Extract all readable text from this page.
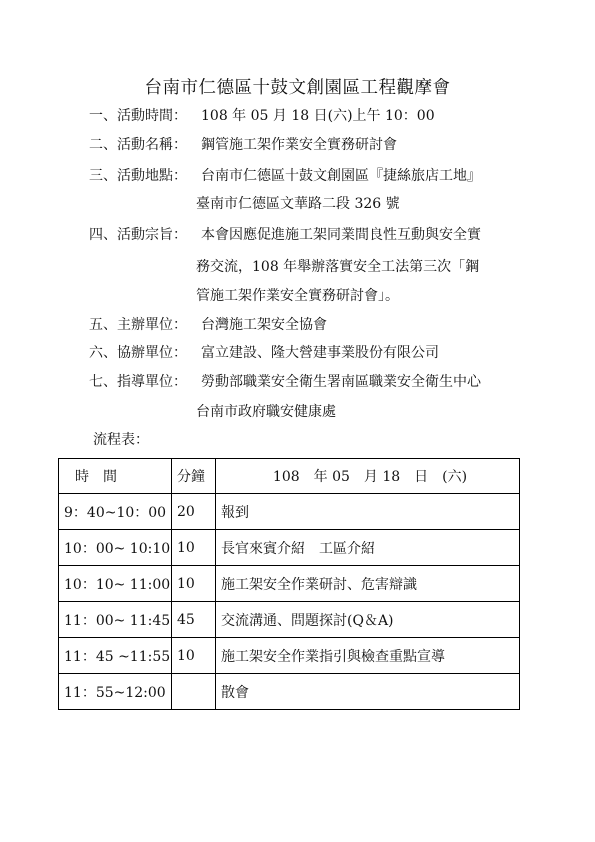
台南市仁德區十鼓文創園區工程觀摩會
一、活動時間： 108 年 05 月 18 日(六)上午 10：00
二、活動名稱： 鋼管施工架作業安全實務研討會
三、活動地點： 台南市仁德區十鼓文創園區『捷絲旅店工地』
臺南市仁德區文華路二段 326 號
四、活動宗旨： 本會因應促進施工架同業間良性互動與安全實
務交流，108 年舉辦落實安全工法第三次「鋼
管施工架作業安全實務研討會」。
五、主辦單位： 台灣施工架安全協會
六、協辦單位： 富立建設、隆大營建事業股份有限公司
七、指導單位： 勞動部職業安全衛生署南區職業安全衛生中心
台南市政府職安健康處
流程表：
時　間	分鐘	108　年 05　月 18　日　(六)
9：40~10：00	20	報到
10：00~ 10:10	10	長官來賓介紹　工區介紹
10：10~ 11:00	10	施工架安全作業研討、危害辯識
11：00~ 11:45	45	交流溝通、問題探討(Q＆A)
11：45 ~11:55	10	施工架安全作業指引與檢查重點宣導
11：55~12:00		散會
